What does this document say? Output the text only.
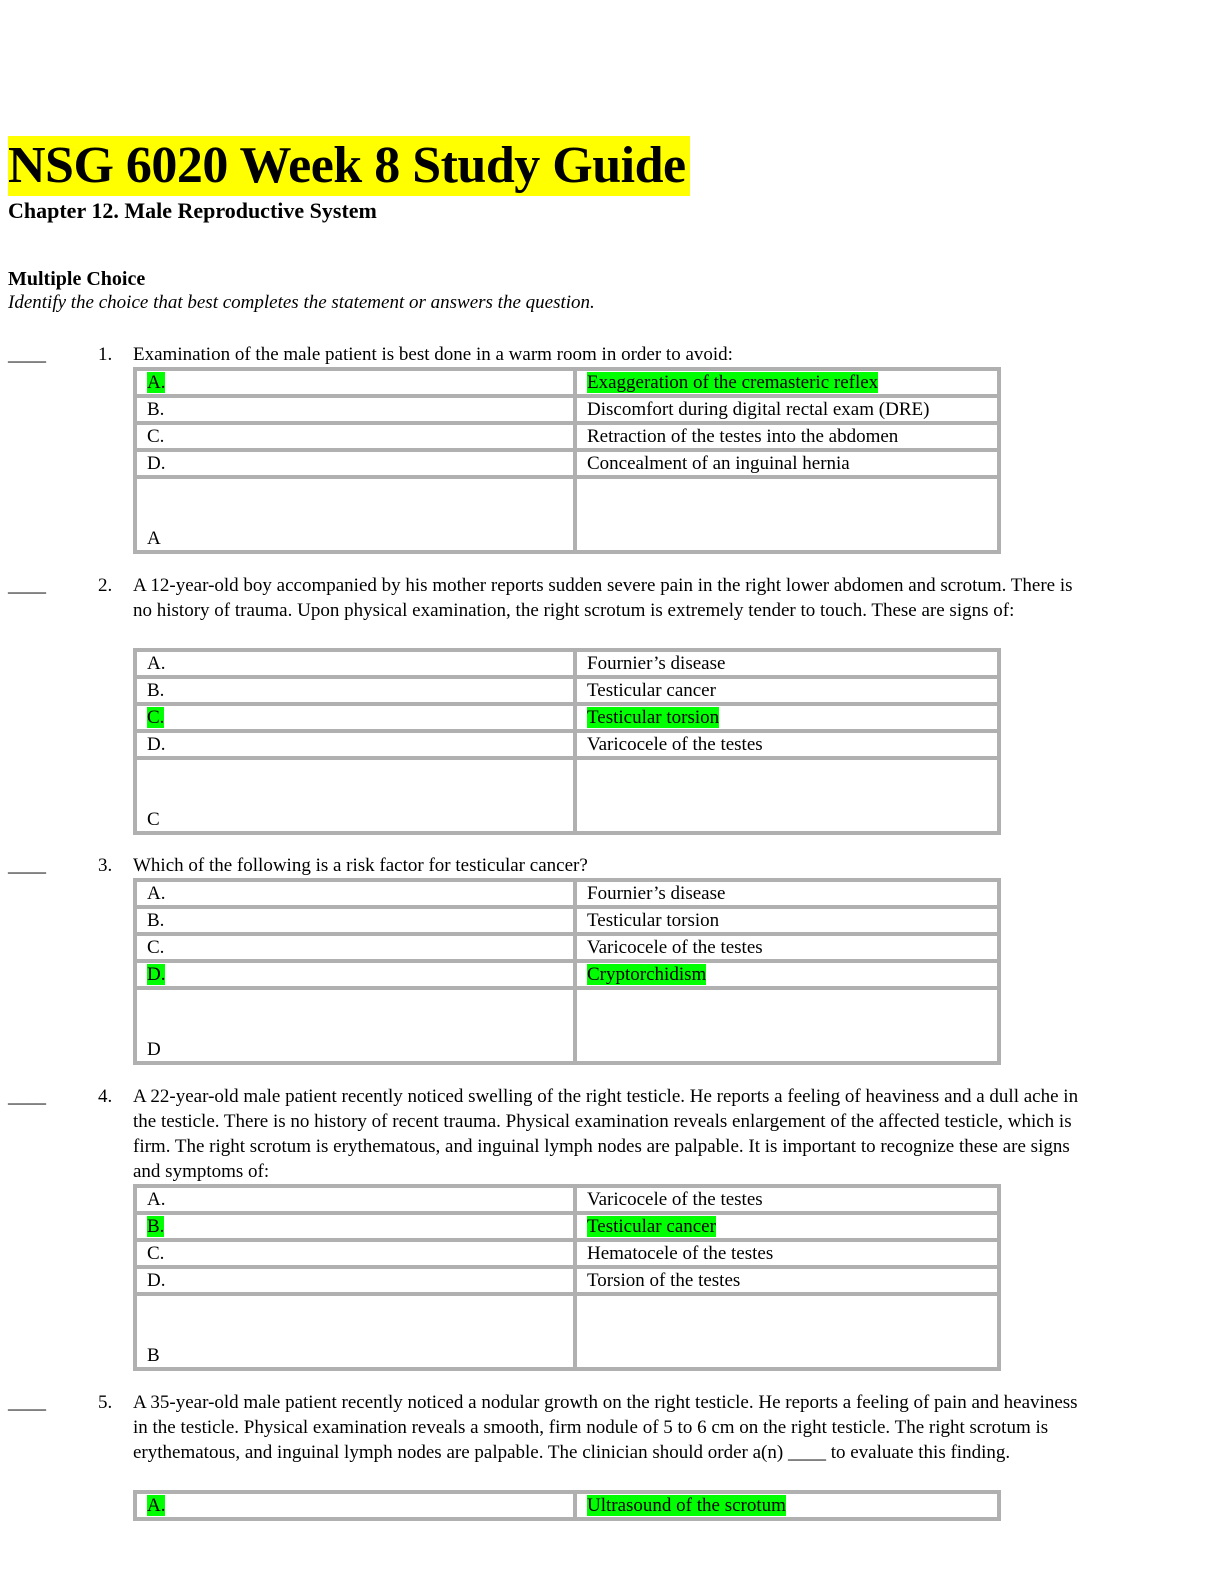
NSG 6020 Week 8 Study Guide
Chapter 12. Male Reproductive System
Multiple Choice
Identify the choice that best completes the statement or answers the question.
____	1. Examination of the male patient is best done in a warm room in order to avoid:
A.	Exaggeration of the cremasteric reflex
B.	Discomfort during digital rectal exam (DRE)
C.	Retraction of the testes into the abdomen
D.	Concealment of an inguinal hernia
A	
____	2. A 12-year-old boy accompanied by his mother reports sudden severe pain in the right lower abdomen and scrotum. There is no history of trauma. Upon physical examination, the right scrotum is extremely tender to touch. These are signs of:
A.	Fournier’s disease
B.	Testicular cancer
C.	Testicular torsion
D.	Varicocele of the testes
C	
____	3. Which of the following is a risk factor for testicular cancer?
A.	Fournier’s disease
B.	Testicular torsion
C.	Varicocele of the testes
D.	Cryptorchidism
D	
____	4. A 22-year-old male patient recently noticed swelling of the right testicle. He reports a feeling of heaviness and a dull ache in the testicle. There is no history of recent trauma. Physical examination reveals enlargement of the affected testicle, which is firm. The right scrotum is erythematous, and inguinal lymph nodes are palpable. It is important to recognize these are signs and symptoms of:
A.	Varicocele of the testes
B.	Testicular cancer
C.	Hematocele of the testes
D.	Torsion of the testes
B	
____	5. A 35-year-old male patient recently noticed a nodular growth on the right testicle. He reports a feeling of pain and heaviness in the testicle. Physical examination reveals a smooth, firm nodule of 5 to 6 cm on the right testicle. The right scrotum is erythematous, and inguinal lymph nodes are palpable. The clinician should order a(n) ____ to evaluate this finding.
A.	Ultrasound of the scrotum
